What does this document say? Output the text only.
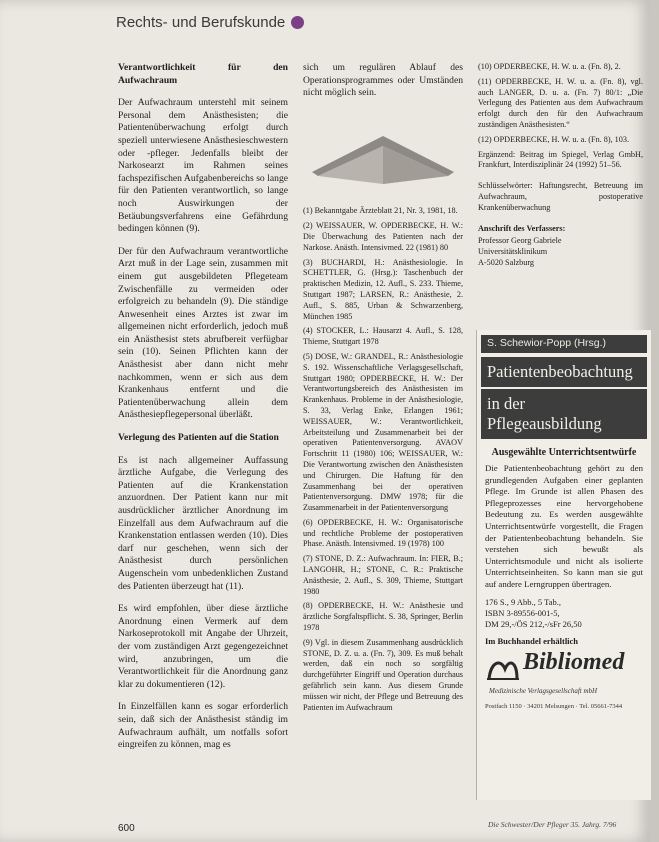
Rechts- und Berufskunde

Verantwortlichkeit für den Aufwachraum

Der Aufwachraum unterstehl mit seinem Personal dem Anästhesisten; die Patientenüberwachung erfolgt durch speziell unterwiesene Anästhesieschwestern oder -pfleger. Jedenfalls bleibt der Narkosearzt im Rahmen seines fachspezifischen Aufgabenbereichs so lange für den Patienten verantwortlich, so lange noch Auswirkungen der Betäubungsverfahrens eine Gefährdung bedingen können (9).

Der für den Aufwachraum verantwortliche Arzt muß in der Lage sein, zusammen mit einem gut ausgebildeten Pflegeteam Zwischenfälle zu vermeiden oder erfolgreich zu behandeln (9). Die ständige Anwesenheit eines Arztes ist zwar im allgemeinen nicht erforderlich, jedoch muß ein Anästhesist stets abrufbereit verfügbar sein (10). Seinen Pflichten kann der Anästhesist aber dann nicht mehr nachkommen, wenn er sich aus dem Krankenhaus entfernt und die Patientenüberwachung allein dem Anästhesiepflegepersonal überläßt.

Verlegung des Patienten auf die Station

Es ist nach allgemeiner Auffassung ärztliche Aufgabe, die Verlegung des Patienten auf die Krankenstation anzuordnen. Der Patient kann nur mit ausdrücklicher ärztlicher Anordnung im Einzelfall aus dem Aufwachraum auf die Krankenstation entlassen werden (10). Dies darf nur geschehen, wenn sich der Anästhesist durch persönlichen Augenschein vom unbedenklichen Zustand des Patienten überzeugt hat (11).

Es wird empfohlen, über diese ärztliche Anordnung einen Vermerk auf dem Narkoseprotokoll mit Angabe der Uhrzeit, der vom zuständigen Arzt gegengezeichnet wird, anzubringen, um die Verantwortlichkeit für die Anordnung ganz klar zu dokumentieren (12).

In Einzelfällen kann es sogar erforderlich sein, daß sich der Anästhesist ständig im Aufwachraum aufhält, um notfalls sofort eingreifen zu können, mag es

sich um regulären Ablauf des Operationsprogrammes oder Umständen nicht möglich sein.

(1) Bekanntgabe Ärzteblatt 21, Nr. 3, 1981, 18.
(2) WEISSAUER, W. OPDERBECKE, H. W.: Die Überwachung des Patienten nach der Narkose. Anästh. Intensivmed. 22 (1981) 80
(3) BUCHARDI, H.: Anästhesiologie. In SCHETTLER, G. (Hrsg.): Taschenbuch der praktischen Medizin, 12. Aufl., S. 233. Thieme, Stuttgart 1987; LARSEN, R.: Anästhesie, 2. Aufl., S. 885, Urban & Schwarzenberg, München 1985
(4) STOCKER, L.: Hausarzt 4. Aufl., S. 128, Thieme, Stuttgart 1978
(5) DOSE, W.: GRANDEL, R.: Anästhesiologie S. 192. Wissenschaftliche Verlagsgesellschaft, Stuttgart 1980; OPDERBECKE, H. W.: Der Verantwortungsbereich des Anästhesisten im Krankenhaus. Probleme in der Anästhesiologie, S. 33, Verlag Enke, Erlangen 1961; WEISSAUER, W.: Verantwortlichkeit, Arbeitsteilung und Zusammenarbeit bei der operativen Patientenversorgung. AVAOV Fortschritt 11 (1980) 106; WEISSAUER, W.: Die Verantwortung zwischen den Anästhesisten und Chirurgen. Die Haftung für den Zusammenhang bei der operativen Patientenversorgung. DMW 1978; für die Zusammenarbeit in der Patientenversorgung
(6) OPDERBECKE, H. W.: Organisatorische und rechtliche Probleme der postoperativen Phase. Anästh. Intensivmed. 19 (1978) 100
(7) STONE, D. Z.: Aufwachraum. In: FIER, B.; LANGOHR, H.; STONE, C. R.: Praktische Anästhesie, 2. Aufl., S. 309, Thieme, Stuttgart 1980
(8) OPDERBECKE, H. W.: Anästhesie und ärztliche Sorgfaltspflicht. S. 38, Springer, Berlin 1978
(9) Vgl. in diesem Zusammenhang ausdrücklich STONE, D. Z. u. a. (Fn. 7), 309. Es muß behalt werden, daß ein noch so sorgfältig durchgeführter Eingriff und Operation durchaus gefährlich sein kann. Aus diesem Grunde müssen wir nicht, der Pflege und Betreuung des Patienten im Aufwachraum
(10) OPDERBECKE, H. W. u. a. (Fn. 8), 2.
(11) OPDERBECKE, H. W. u. a. (Fn. 8), vgl. auch LANGER, D. u. a. (Fn. 7) 80/1: „Die Verlegung des Patienten aus dem Aufwachraum erfolgt durch den für den Aufwachraum zuständigen Anästhesisten.“
(12) OPDERBECKE, H. W. u. a. (Fn. 8), 103.

Ergänzend: Beitrag im Spiegel, Verlag GmbH, Frankfurt, Interdisziplinär 24 (1992) 51–56.

Schlüsselwörter: Haftungsrecht, Betreuung im Aufwachraum, postoperative Krankenüberwachung

Anschrift des Verfassers:

Professor Georg Gabriele

Universitätsklinikum

A-5020 Salzburg

S. Schewior-Popp (Hrsg.)
Patientenbeobachtung
in der Pflegeausbildung
Ausgewählte Unterrichtsentwürfe
Die Patientenbeobachtung gehört zu den grundlegenden Aufgaben einer geplanten Pflege. Im Grunde ist allen Phasen des Pflegeprozesses eine hervorgehobene Bedeutung zu. Es werden ausgewählte Unterrichtsentwürfe vorgestellt, die Fragen der Patientenbeobachtung behandeln. Sie verstehen sich bewußt als Unterrichtsmodule und nicht als isolierte Unterrichtseinheiten. So kann man sie gut auf andere Lerngruppen übertragen.
176 S., 9 Abb., 5 Tab.,
ISBN 3-89556-001-5,
DM 29,-/ÖS 212,-/sFr 26,50
Im Buchhandel erhältlich
Bibliomed
Medizinische Verlagsgesellschaft mbH
Postfach 1150 · 34201 Melsungen · Tel. 05661-7344
600	Die Schwester/Der Pfleger 35. Jahrg. 7/96
